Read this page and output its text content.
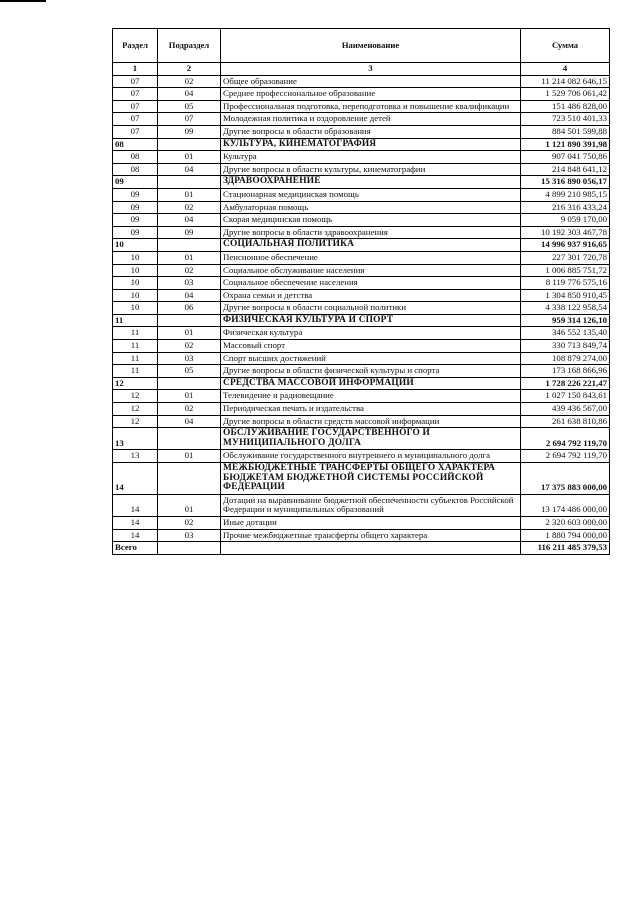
Раздел	Подраздел	Наименование	Сумма
1	2	3	4
07	02	Общее образование	11 214 082 646,15
07	04	Среднее профессиональное образование	1 529 706 061,42
07	05	Профессиональная подготовка, переподготовка и повышение квалификации	151 486 828,00
07	07	Молодежная политика и оздоровление детей	723 510 401,33
07	09	Другие вопросы в области образования	884 501 599,88
08		КУЛЬТУРА, КИНЕМАТОГРАФИЯ	1 121 890 391,98
08	01	Культура	907 041 750,86
08	04	Другие вопросы в области культуры, кинематографии	214 848 641,12
09		ЗДРАВООХРАНЕНИЕ	15 316 890 056,17
09	01	Стационарная медицинская помощь	4 899 210 985,15
09	02	Амбулаторная помощь	216 316 433,24
09	04	Скорая медицинская помощь	9 059 170,00
09	09	Другие вопросы в области здравоохранения	10 192 303 467,78
10		СОЦИАЛЬНАЯ ПОЛИТИКА	14 996 937 916,65
10	01	Пенсионное обеспечение	227 301 720,78
10	02	Социальное обслуживание населения	1 006 885 751,72
10	03	Социальное обеспечение населения	8 119 776 575,16
10	04	Охрана семьи и детства	1 304 850 910,45
10	06	Другие вопросы в области социальной политики	4 338 122 958,54
11		ФИЗИЧЕСКАЯ КУЛЬТУРА И СПОРТ	959 314 126,10
11	01	Физическая культура	346 552 135,40
11	02	Массовый спорт	330 713 849,74
11	03	Спорт высших достижений	108 879 274,00
11	05	Другие вопросы в области физической культуры и спорта	173 168 866,96
12		СРЕДСТВА МАССОВОЙ ИНФОРМАЦИИ	1 728 226 221,47
12	01	Телевидение и радиовещание	1 027 150 843,61
12	02	Периодическая печать и издательства	439 436 567,00
12	04	Другие вопросы в области средств массовой информации	261 638 810,86
13		ОБСЛУЖИВАНИЕ ГОСУДАРСТВЕННОГО И МУНИЦИПАЛЬНОГО ДОЛГА	2 694 792 119,70
13	01	Обслуживание государственного внутреннего и муниципального долга	2 694 792 119,70
14		МЕЖБЮДЖЕТНЫЕ ТРАНСФЕРТЫ ОБЩЕГО ХАРАКТЕРА БЮДЖЕТАМ БЮДЖЕТНОЙ СИСТЕМЫ РОССИЙСКОЙ ФЕДЕРАЦИИ	17 375 883 000,00
14	01	Дотации на выравнивание бюджетной обеспеченности субъектов Российской Федерации и муниципальных образований	13 174 486 000,00
14	02	Иные дотации	2 320 603 000,00
14	03	Прочие межбюджетные трансферты общего характера	1 880 794 000,00
Всего			116 211 485 379,53
